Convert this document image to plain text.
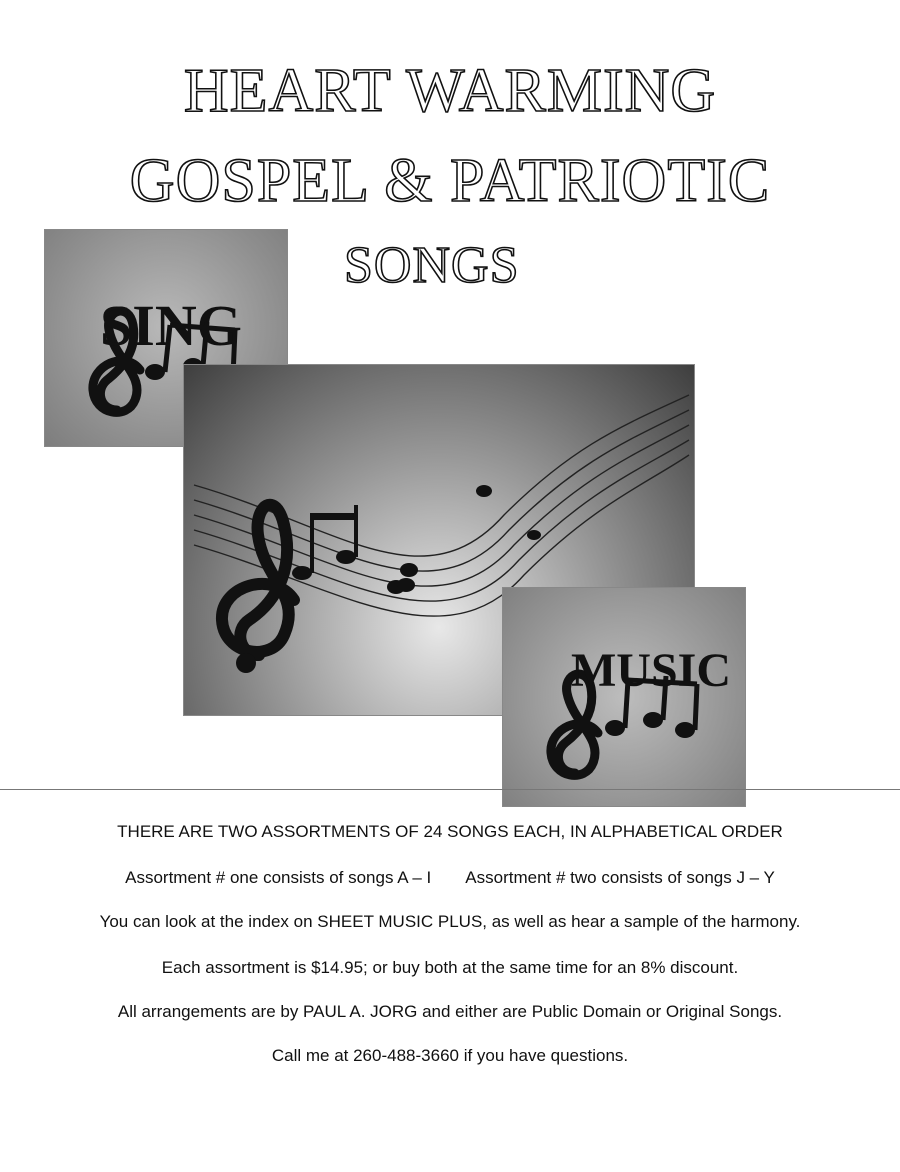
HEART WARMING
GOSPEL & PATRIOTIC
SONGS
SING
MUSIC
THERE ARE TWO ASSORTMENTS OF 24 SONGS EACH, IN ALPHABETICAL ORDER
Assortment # one consists of songs A – I Assortment # two consists of songs J – Y
You can look at the index on SHEET MUSIC PLUS, as well as hear a sample of the harmony.
Each assortment is $14.95; or buy both at the same time for an 8% discount.
All arrangements are by PAUL A. JORG and either are Public Domain or Original Songs.
Call me at 260-488-3660 if you have questions.
